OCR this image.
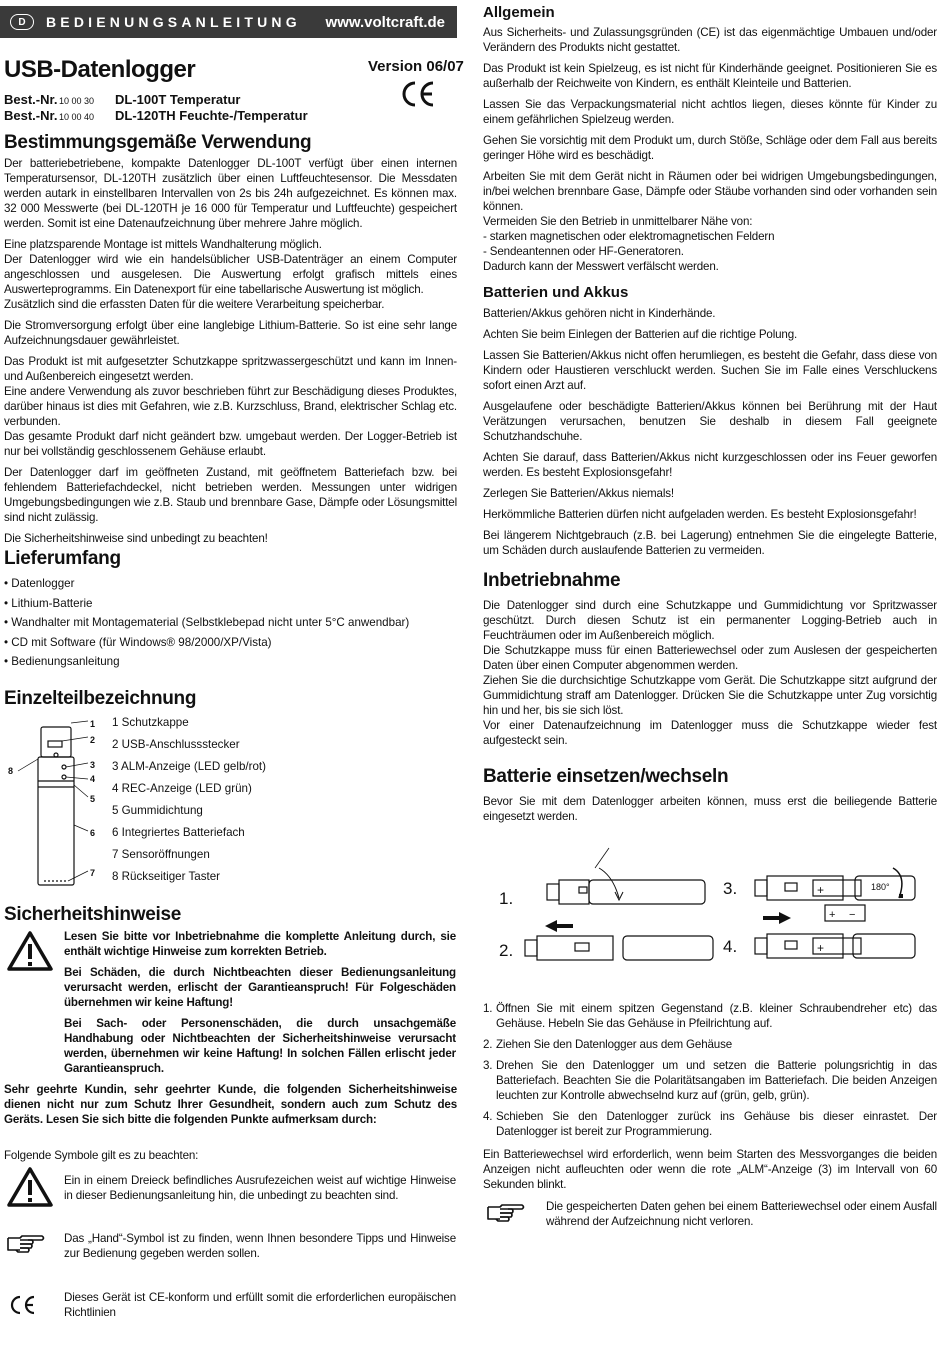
D	BEDIENUNGSANLEITUNG www.voltcraft.de
USB-Datenlogger	Version 06/07
Best.-Nr. 10 00 30 DL-100T Temperatur
Best.-Nr. 10 00 40 DL-120TH Feuchte-/Temperatur
Bestimmungsgemäße Verwendung

Der batteriebetriebene, kompakte Datenlogger DL-100T verfügt über einen internen Temperatursensor, DL-120TH zusätzlich über einen Luftfeuchtesensor. Die Messdaten werden autark in einstellbaren Intervallen von 2s bis 24h aufgezeichnet. Es können max. 32 000 Messwerte (bei DL-120TH je 16 000 für Temperatur und Luftfeuchte) gespeichert werden. Somit ist eine Datenaufzeichnung über mehrere Jahre möglich.

Eine platzsparende Montage ist mittels Wandhalterung möglich.

Der Datenlogger wird wie ein handelsüblicher USB-Datenträger an einem Computer angeschlossen und ausgelesen. Die Auswertung erfolgt grafisch mittels eines Auswerteprogramms. Ein Datenexport für eine tabellarische Auswertung ist möglich.

Zusätzlich sind die erfassten Daten für die weitere Verarbeitung speicherbar.

Die Stromversorgung erfolgt über eine langlebige Lithium-Batterie. So ist eine sehr lange Aufzeichnungsdauer gewährleistet.

Das Produkt ist mit aufgesetzter Schutzkappe spritzwassergeschützt und kann im Innen- und Außenbereich eingesetzt werden.

Eine andere Verwendung als zuvor beschrieben führt zur Beschädigung dieses Produktes, darüber hinaus ist dies mit Gefahren, wie z.B. Kurzschluss, Brand, elektrischer Schlag etc. verbunden.

Das gesamte Produkt darf nicht geändert bzw. umgebaut werden. Der Logger-Betrieb ist nur bei vollständig geschlossenem Gehäuse erlaubt.

Der Datenlogger darf im geöffneten Zustand, mit geöffnetem Batteriefach bzw. bei fehlendem Batteriefachdeckel, nicht betrieben werden. Messungen unter widrigen Umgebungsbedingungen wie z.B. Staub und brennbare Gase, Dämpfe oder Lösungsmittel sind nicht zulässig.

Die Sicherheitshinweise sind unbedingt zu beachten!

Lieferumfang
• Datenlogger
• Lithium-Batterie
• Wandhalter mit Montagematerial (Selbstklebepad nicht unter 5°C anwendbar)
• CD mit Software (für Windows® 98/2000/XP/Vista)
• Bedienungsanleitung
Einzelteilbezeichnung
1
2
3
4
5
6
7
8
1 Schutzkappe
2 USB-Anschlussstecker
3 ALM-Anzeige (LED gelb/rot)
4 REC-Anzeige (LED grün)
5 Gummidichtung
6 Integriertes Batteriefach
7 Sensoröffnungen
8 Rückseitiger Taster
Sicherheitshinweise

Lesen Sie bitte vor Inbetriebnahme die komplette Anleitung durch, sie enthält wichtige Hinweise zum korrekten Betrieb.

Bei Schäden, die durch Nichtbeachten dieser Bedienungsanleitung verursacht werden, erlischt der Garantieanspruch! Für Folgeschäden übernehmen wir keine Haftung!

Bei Sach- oder Personenschäden, die durch unsachgemäße Handhabung oder Nichtbeachten der Sicherheitshinweise verursacht werden, übernehmen wir keine Haftung! In solchen Fällen erlischt jeder Garantieanspruch.

Sehr geehrte Kundin, sehr geehrter Kunde, die folgenden Sicherheitshinweise dienen nicht nur zum Schutz Ihrer Gesundheit, sondern auch zum Schutz des Geräts. Lesen Sie sich bitte die folgenden Punkte aufmerksam durch:

Folgende Symbole gilt es zu beachten:
Ein in einem Dreieck befindliches Ausrufezeichen weist auf wichtige Hinweise in dieser Bedienungsanleitung hin, die unbedingt zu beachten sind.
Das „Hand“-Symbol ist zu finden, wenn Ihnen besondere Tipps und Hinweise zur Bedienung gegeben werden sollen.
Dieses Gerät ist CE-konform und erfüllt somit die erforderlichen europäischen Richtlinien
Allgemein

Aus Sicherheits- und Zulassungsgründen (CE) ist das eigenmächtige Umbauen und/oder Verändern des Produkts nicht gestattet.

Das Produkt ist kein Spielzeug, es ist nicht für Kinderhände geeignet. Positionieren Sie es außerhalb der Reichweite von Kindern, es enthält Kleinteile und Batterien.

Lassen Sie das Verpackungsmaterial nicht achtlos liegen, dieses könnte für Kinder zu einem gefährlichen Spielzeug werden.

Gehen Sie vorsichtig mit dem Produkt um, durch Stöße, Schläge oder dem Fall aus bereits geringer Höhe wird es beschädigt.

Arbeiten Sie mit dem Gerät nicht in Räumen oder bei widrigen Umgebungsbedingungen, in/bei welchen brennbare Gase, Dämpfe oder Stäube vorhanden sind oder vorhanden sein können.

Vermeiden Sie den Betrieb in unmittelbarer Nähe von:

- starken magnetischen oder elektromagnetischen Feldern

- Sendeantennen oder HF-Generatoren.

Dadurch kann der Messwert verfälscht werden.

Batterien und Akkus

Batterien/Akkus gehören nicht in Kinderhände.

Achten Sie beim Einlegen der Batterien auf die richtige Polung.

Lassen Sie Batterien/Akkus nicht offen herumliegen, es besteht die Gefahr, dass diese von Kindern oder Haustieren verschluckt werden. Suchen Sie im Falle eines Verschluckens sofort einen Arzt auf.

Ausgelaufene oder beschädigte Batterien/Akkus können bei Berührung mit der Haut Verätzungen verursachen, benutzen Sie deshalb in diesem Fall geeignete Schutzhandschuhe.

Achten Sie darauf, dass Batterien/Akkus nicht kurzgeschlossen oder ins Feuer geworfen werden. Es besteht Explosionsgefahr!

Zerlegen Sie Batterien/Akkus niemals!

Herkömmliche Batterien dürfen nicht aufgeladen werden. Es besteht Explosionsgefahr!

Bei längerem Nichtgebrauch (z.B. bei Lagerung) entnehmen Sie die eingelegte Batterie, um Schäden durch auslaufende Batterien zu vermeiden.

Inbetriebnahme

Die Datenlogger sind durch eine Schutzkappe und Gummidichtung vor Spritzwasser geschützt. Durch diesen Schutz ist ein permanenter Logging-Betrieb auch in Feuchträumen oder im Außenbereich möglich.

Die Schutzkappe muss für einen Batteriewechsel oder zum Auslesen der gespeicherten Daten über einen Computer abgenommen werden.

Ziehen Sie die durchsichtige Schutzkappe vom Gerät. Die Schutzkappe sitzt aufgrund der Gummidichtung straff am Datenlogger. Drücken Sie die Schutzkappe unter Zug vorsichtig hin und her, bis sie sich löst.

Vor einer Datenaufzeichnung im Datenlogger muss die Schutzkappe wieder fest aufgesteckt sein.

Batterie einsetzen/wechseln
Bevor Sie mit dem Datenlogger arbeiten können, muss erst die beiliegende Batterie eingesetzt werden.
1.
2.
3.
4.
180°
+
+ −
+
1. Öffnen Sie mit einem spitzen Gegenstand (z.B. kleiner Schraubendreher etc) das Gehäuse. Hebeln Sie das Gehäuse in Pfeilrichtung auf.
2. Ziehen Sie den Datenlogger aus dem Gehäuse
3. Drehen Sie den Datenlogger um und setzen die Batterie polungsrichtig in das Batteriefach. Beachten Sie die Polaritätsangaben im Batteriefach. Die beiden Anzeigen leuchten zur Kontrolle abwechselnd kurz auf (grün, gelb, grün).
4. Schieben Sie den Datenlogger zurück ins Gehäuse bis dieser einrastet. Der Datenlogger ist bereit zur Programmierung.
Ein Batteriewechsel wird erforderlich, wenn beim Starten des Messvorganges die beiden Anzeigen nicht aufleuchten oder wenn die rote „ALM“-Anzeige (3) im Intervall von 60 Sekunden blinkt.
Die gespeicherten Daten gehen bei einem Batteriewechsel oder einem Ausfall während der Aufzeichnung nicht verloren.
